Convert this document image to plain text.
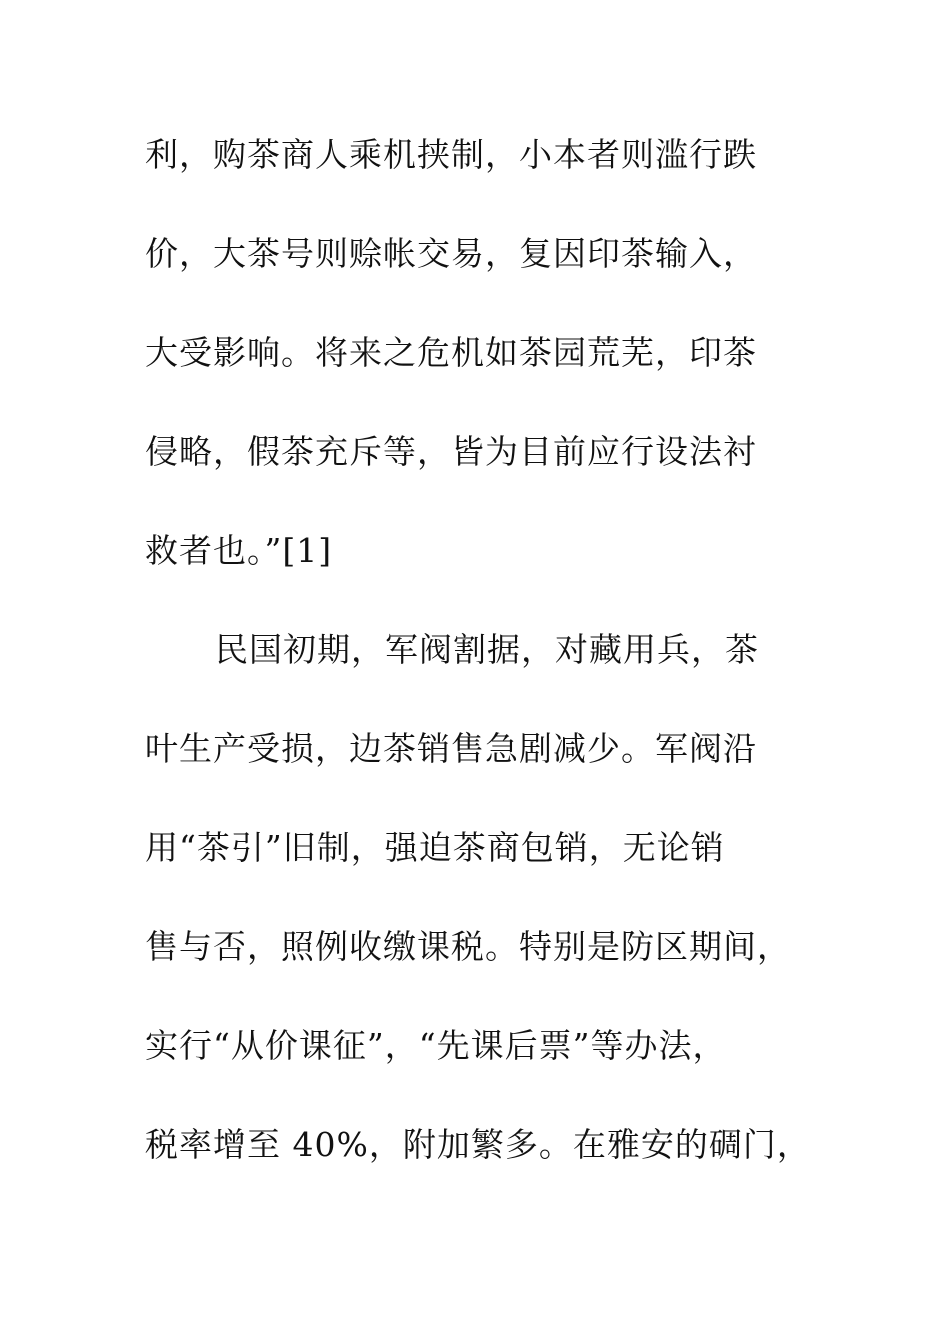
利，购茶商人乘机挟制，小本者则滥行跌
价，大茶号则赊帐交易，复因印茶输入，
大受影响。将来之危机如茶园荒芜，印茶
侵略，假茶充斥等，皆为目前应行设法衬
救者也。”[1]
民国初期，军阀割据，对藏用兵，茶
叶生产受损，边茶销售急剧减少。军阀沿
用“茶引”旧制，强迫茶商包销，无论销
售与否，照例收缴课税。特别是防区期间，
实行“从价课征”，“先课后票”等办法，
税率增至 40%，附加繁多。在雅安的碉门，
